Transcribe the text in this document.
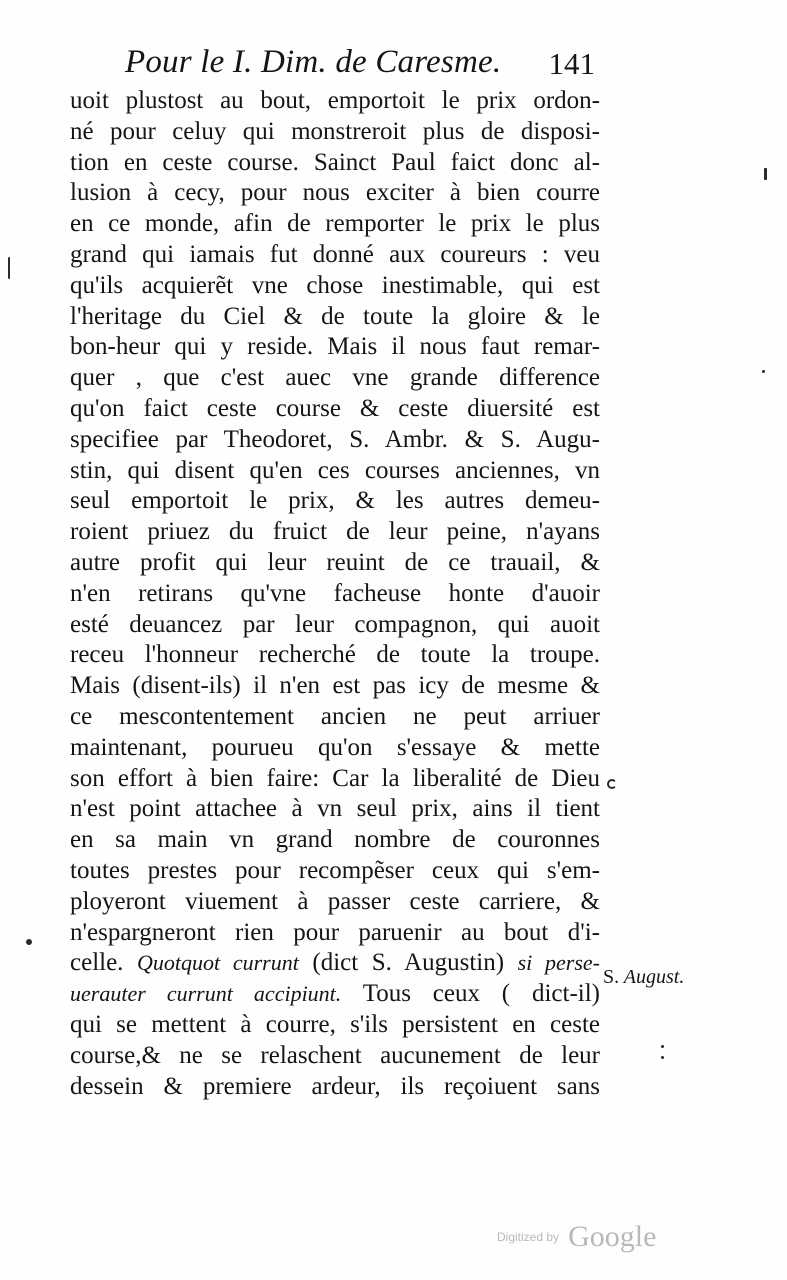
Pour le I. Dim. de Caresme. 141
uoit plustost au bout, emportoit le prix ordon-
né pour celuy qui monstreroit plus de disposi-
tion en ceste course. Sainct Paul faict donc al-
lusion à cecy, pour nous exciter à bien courre
en ce monde, afin de remporter le prix le plus
grand qui iamais fut donné aux coureurs : veu
qu'ils acquierẽt vne chose inestimable, qui est
l'heritage du Ciel & de toute la gloire & le
bon-heur qui y reside. Mais il nous faut remar-
quer , que c'est auec vne grande difference
qu'on faict ceste course & ceste diuersité est
specifiee par Theodoret, S. Ambr. & S. Augu-
stin, qui disent qu'en ces courses anciennes, vn
seul emportoit le prix, & les autres demeu-
roient priuez du fruict de leur peine, n'ayans
autre profit qui leur reuint de ce trauail, &
n'en retirans qu'vne facheuse honte d'auoir
esté deuancez par leur compagnon, qui auoit
receu l'honneur recherché de toute la troupe.
Mais (disent-ils) il n'en est pas icy de mesme &
ce mescontentement ancien ne peut arriuer
maintenant, pourueu qu'on s'essaye & mette
son effort à bien faire: Car la liberalité de Dieu
n'est point attachee à vn seul prix, ains il tient
en sa main vn grand nombre de couronnes
toutes prestes pour recompẽser ceux qui s'em-
ployeront viuement à passer ceste carriere, &
n'espargneront rien pour paruenir au bout d'i-
celle. Quotquot currunt (dict S. Augustin) si perse-
uerauter currunt accipiunt. Tous ceux ( dict-il)
qui se mettent à courre, s'ils persistent en ceste
course,& ne se relaschent aucunement de leur
dessein & premiere ardeur, ils reçoiuent sans
S. August.
Digitized by Google
